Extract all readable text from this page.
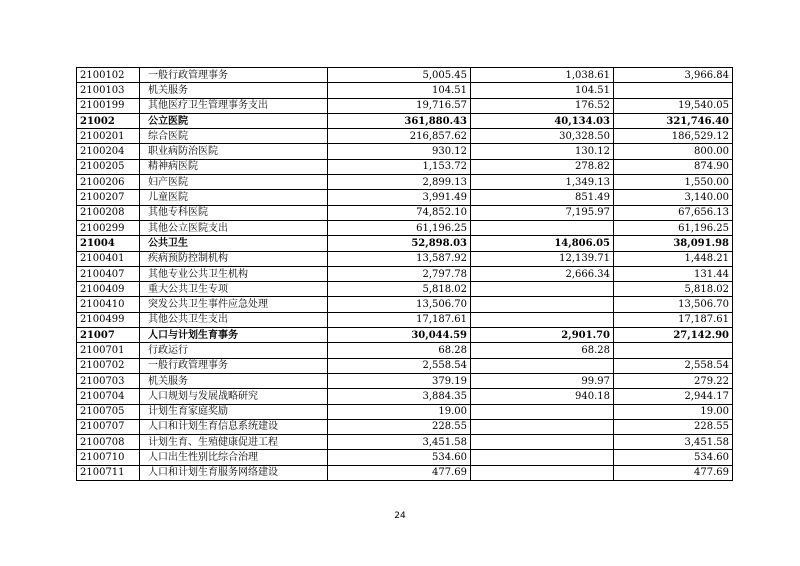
2100102	一般行政管理事务	5,005.45	1,038.61	3,966.84
2100103	机关服务	104.51	104.51	
2100199	其他医疗卫生管理事务支出	19,716.57	176.52	19,540.05
21002	公立医院	361,880.43	40,134.03	321,746.40
2100201	综合医院	216,857.62	30,328.50	186,529.12
2100204	职业病防治医院	930.12	130.12	800.00
2100205	精神病医院	1,153.72	278.82	874.90
2100206	妇产医院	2,899.13	1,349.13	1,550.00
2100207	儿童医院	3,991.49	851.49	3,140.00
2100208	其他专科医院	74,852.10	7,195.97	67,656.13
2100299	其他公立医院支出	61,196.25		61,196.25
21004	公共卫生	52,898.03	14,806.05	38,091.98
2100401	疾病预防控制机构	13,587.92	12,139.71	1,448.21
2100407	其他专业公共卫生机构	2,797.78	2,666.34	131.44
2100409	重大公共卫生专项	5,818.02		5,818.02
2100410	突发公共卫生事件应急处理	13,506.70		13,506.70
2100499	其他公共卫生支出	17,187.61		17,187.61
21007	人口与计划生育事务	30,044.59	2,901.70	27,142.90
2100701	行政运行	68.28	68.28	
2100702	一般行政管理事务	2,558.54		2,558.54
2100703	机关服务	379.19	99.97	279.22
2100704	人口规划与发展战略研究	3,884.35	940.18	2,944.17
2100705	计划生育家庭奖励	19.00		19.00
2100707	人口和计划生育信息系统建设	228.55		228.55
2100708	计划生育、生殖健康促进工程	3,451.58		3,451.58
2100710	人口出生性别比综合治理	534.60		534.60
2100711	人口和计划生育服务网络建设	477.69		477.69
24
